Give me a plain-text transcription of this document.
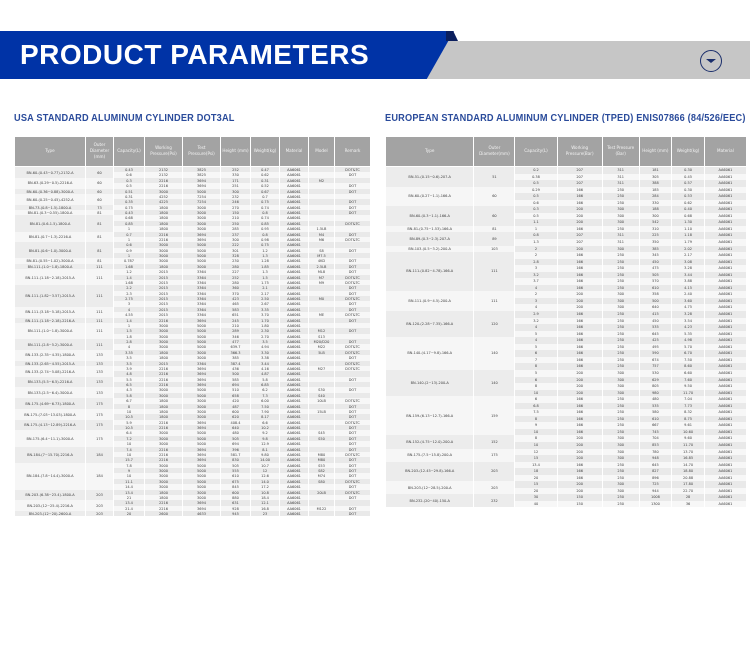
PRODUCT PARAMETERS
USA STANDARD ALUMINUM CYLINDER DOT3AL
Type	Outer Diameter (mm)	Capacity(L)	Working Pressure(Psi)	Test Pressure(Psi)	Height (mm)	Weight(kg)	Material	Model	Remark
BN-60-(0.43~0.77)-2132-A	60	0.43	2132	3825	252	0.47	AA6061		DOT&TC
		0.6	2132	3825	330	0.62	AA6061		DOT
BN-63-(0.29~0.5)-2216-A	60	0.3	2216	3694	171	0.31	AA6061	M2	
		0.5	2216	3694	251	0.52	AA6061		DOT
BN-60-(0.36~0.88)-3000-A	60	0.51	3000	5000	300	0.67	AA6061		DOT
BN-60-(0.25~0.45)-4252-A	60	0.31	4252	7254	232	0.7	AA6061		
		0.35	4225	7254	246	0.75	AA6061		DOT
BN-73-(0.8~1.5)-1800-A	73	0.75	1800	3000	270	0.74	AA6061		DOT
BN-81-(0.3~0.55)-1800-A	81	0.43	1800	3000	150	0.8	AA6061		DOT
BN-81-(0.6-1.5)-1800-A	81	0.68	1800	3000	210	0.74	AA6061		
		0.85	1800	3000	250	0.85	AA6061		DOT&TC
		1	1800	3000	285	0.95	AA6061	1.5LB	
BN-81-(0.7~1.3)-2216-A	81	0.7	2216	3694	237	0.8	AA6061	M4	DOT
		1	2216	3694	300	0.98	AA6061	M6	DOT&TC
BN-81-(0.6~1.0)-3000-A	81	0.6	3000	5000	222	0.75	AA6061		
		0.9	3000	5000	301	1.2	AA6061	S8	DOT
		1	3000	5000	328	1.3	AA6061	M7.5	
BN-81-(0.55~1.02)-3000-A	81	0.787	3000	5000	230	1.28	AA6061	4KD	DOT
BN-111-(1.0~1.8)-1800-A	111	1.68	1800	3000	280	1.85	AA6061	2.5LB	DOT
BN-111-(1.18~2.18)-2015-A	111	1.2	2015	3364	227	1.3	AA6061	ML8	DOT
		1.4	2015	3364	252	1.5	AA6061	M7	DOT&TC
		1.68	2015	3364	280	1.75	AA6061	M9	DOT&TC
BN-111-(1.82~3.57)-2015-A	111	2.2	2015	3364	360	2.1	AA6061		DOT
		2.3	2015	3364	370	2.17	AA6061		DOT
		2.75	2015	3364	423	2.50	AA6061	M0	DOT&TC
		3	2015	3364	465	2.67	AA6061		DOT
BN-111-(3.18~5.18)-2015-A	111	4	2015	3364	583	3.35	AA6061		DOT
		4.55	2015	3364	651	3.70	AA6061	ME	DOT&TC
BN-111-(1.18~2.18)-2216-A	111	1.4	2216	3694	245	1.70	AA6061		DOT
BN-111-(1.0~1.8)-3000-A	111	1	3000	5000	210	1.80	AA6061		
		1.5	3000	5000	289	2.30	AA6061	M12	DOT
		1.8	3000	5000	346	2.70	AA6061	S13	
BN-111-(2.8~5.2)-3000-A	111	2.8	3000	5000	477	3.5	AA6061	M20/D20	DOT
		4	3000	5000	639.7	4.94	AA6061	M22	DOT&TC
BN-133-(2.35~4.35)-1800-A	133	3.35	1800	3000	366.3	3.30	AA6061	5LB	DOT&TC
		3.5	1800	3000	385	3.38	AA6061		DOT
BN-133-(2.65~4.55)-2015-A	133	3.5	2015	3364	387.4	3.44	AA6061		DOT&TC
BN-133-(2.74~5.08)-2216-A	133	3.9	2216	3694	436	4.16	AA6061	M27	DOT&TC
		4.8	2216	3694	500	4.87	AA6061		
BN-133-(5.5~6.5)-2216-A	133	5.5	2216	3694	585	5.8	AA6061		DOT
		6.5	2216	3694	694	6.85	AA6061		
BN-133-(2.5~6.4)-3000-A	133	4.3	3000	5000	510	6.2	AA6061	S30	DOT
		5.8	3000	5000	658	7.3	AA6061	S40	
BN-175-(4.69~6.73)-1800-A	175	6.7	1800	3000	420	6.00	AA6061	10LB	DOT&TC
		8	1800	3000	487	7.50	AA6061		DOT
BN-175-(7.03~13.03)-1800-A	175	10	1800	3000	600	7.90	AA6061	15LB	DOT
		10.5	1800	3000	620	8.17	AA6061		DOT
BN-175-(4.13~12.89)-2216-A	175	5.9	2216	3694	408.4	6.6	AA6061		DOT&TC
		10.5	2216	3694	640	10.2	AA6061		DOT
BN-175-(6.4~11.1)-3000-A	175	6.4	3000	5000	480	9.2	AA6061	S45	DOT
		7.2	3000	5000	505	9.8	AA6061	S50	DOT
		10	3000	5000	694	12.9	AA6061		DOT
BN-184-(7~15.70)-2216-A	184	7.4	2216	3694	396	8.1	AA6061		DOT
		10	2216	3694	581.7	9.80	AA6061	M80	DOT&TC
		15.7	2216	3694	830	14.00	AA6061	M80	DOT
BN-184-(7.8~14.4)-3000-A	184	7.8	3000	5000	505	10.7	AA6061	S53	DOT
		9	3000	5000	555	12	AA6061	S82	DOT
		10	3000	5000	610	12.6	AA6061	M74	DOT
		11.1	3000	5000	675	14.0	AA6061	S80	DOT&TC
		14.4	3000	5000	845	17.2	AA6061		DOT
BN-203-(6.38~23.4)-1800-A	203	13.4	1800	3000	600	10.8	AA6061	20LB	DOT&TC
		21	1800	3000	880	18.4	AA6061		DOT
BN-203-(12~25.4)-2216-A	203	13.4	2216	3694	631	12.1	AA6061		
		21.4	2216	3694	928	16.8	AA6061	M122	DOT
BN-203-(12~20)-2600-A	203	20	2600	4633	945	23	AA6061		DOT
EUROPEAN STANDARD ALUMINUM CYLINDER (TPED) ENIS07866 (84/526/EEC)
Type	Outer Diameter(mm)	Capacity(L)	Working Pressure(Bar)	Test Pressure (Bar)	Height (mm)	Weight(kg)	Material
BN-51-(0.15~0.6)-207-A	51	0.2	207	311	181	0.30	AA6061
		0.38	207	311	305	0.45	AA6061
		0.5	207	311	388	0.57	AA6061
BN-60-(0.27~1.1)-166-A	60	0.29	166	250	185	0.30	AA6061
		0.5	166	250	284	0.53	AA6061
		0.6	166	250	330	0.62	AA6061
BN-60-(0.3~1.1)-166-A	60	0.3	200	300	188	0.40	AA6061
		0.5	200	300	300	0.68	AA6061
		1.1	200	300	542	1.30	AA6061
BN-81-(0.75~1.53)-166-A	81	1	166	250	310	1.10	AA6061
BN-89-(0.3~2.3)-207-A	89	0.8	207	311	225	1.18	AA6061
		1.3	207	311	350	1.79	AA6061
BN-103-(0.5~3.2)-200-A	103	2	200	300	385	2.02	AA6061
BN-111-(0.82~4.78)-166-A	111	2	166	250	345	2.17	AA6061
		2.8	166	250	450	3.08	AA6061
		3	166	250	475	3.28	AA6061
		3.2	166	250	505	3.44	AA6061
		3.7	166	250	570	3.88	AA6061
		4	166	250	610	4.15	AA6061
BN-111-(0.9~4.5)-200-A	111	2	200	300	358	2.40	AA6061
		3	200	300	500	3.60	AA6061
		4	200	300	640	4.75	AA6061
BN-120-(2.28~7.35)-166-A	120	2.9	166	250	415	3.28	AA6061
		3.2	166	250	450	3.54	AA6061
		4	166	250	535	4.23	AA6061
		5	166	250	645	5.35	AA6061
BN-140-(4.17~9.8)-166-A	140	4	166	250	425	4.98	AA6061
		5	166	250	495	5.70	AA6061
		6	166	250	590	6.70	AA6061
		7	166	250	674	7.50	AA6061
		8	166	250	757	8.60	AA6061
BN-140-(2~13)-200-A	140	5	200	300	530	6.60	AA6061
		6	200	300	629	7.60	AA6061
		8	200	300	805	9.50	AA6061
		10	200	300	980	11.70	AA6061
BN-159-(6.13~12.7)-166-A	159	6	166	250	480	7.04	AA6061
		6.8	166	250	535	7.73	AA6061
		7.5	166	250	580	8.32	AA6061
		8	166	250	610	8.75	AA6061
		9	166	250	667	9.61	AA6061
		10	166	250	745	10.60	AA6061
BN-152-(4.75~12.0)-200-A	152	8	200	300	704	9.60	AA6061
		10	200	300	853	11.70	AA6061
BN-175-(7.5~15.8)-200-A	175	12	200	300	780	13.70	AA6061
		15	200	300	948	16.85	AA6061
BN-203-(12.45~29.8)-166-A	203	13.4	166	250	645	14.70	AA6061
		18	166	250	827	18.80	AA6061
		20	166	250	896	20.88	AA6061
BN-203-(12~28.5)-200-A	203	15	200	300	725	17.80	AA6061
		20	200	300	944	22.70	AA6061
BN-232-(20~40)-150-A	232	30	150	250	1008	28	AA6061
		40	150	250	1300	36	AA6061
